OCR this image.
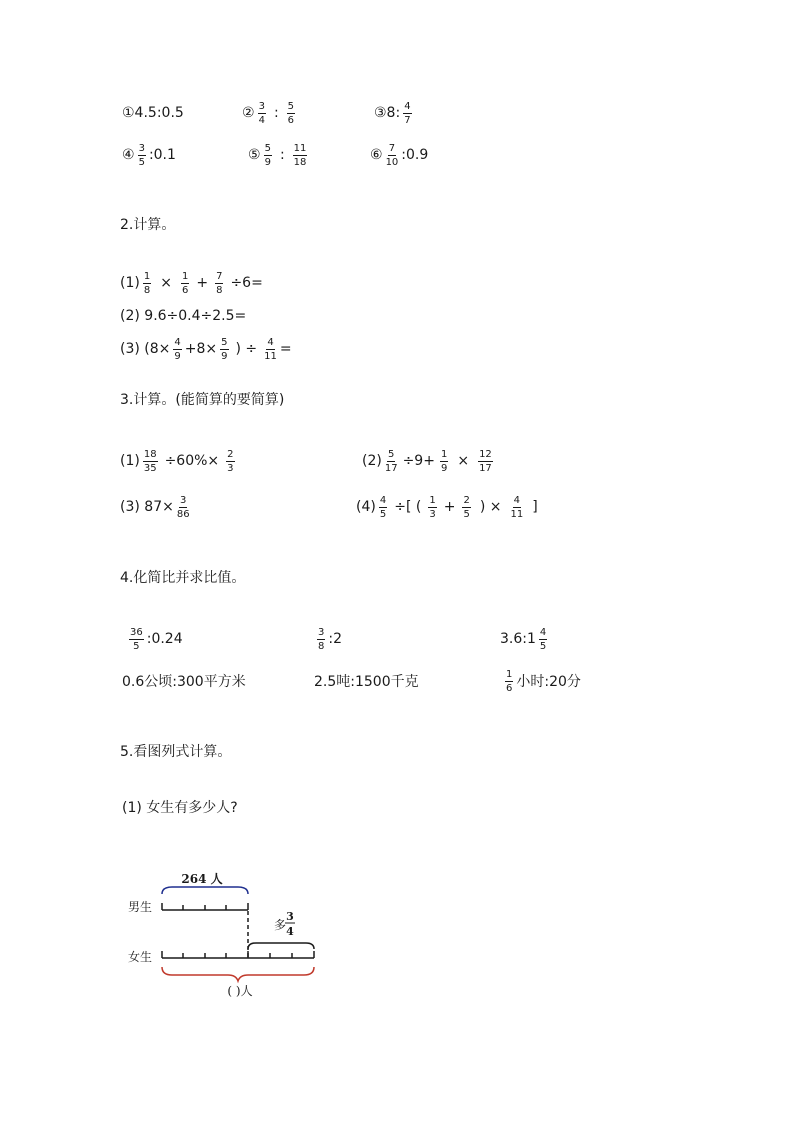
①4.5:0.5	② $\frac{3}{4}$ : $\frac{5}{6}$	③8: $\frac{4}{7}$
④ $\frac{3}{5}$ :0.1	⑤ $\frac{5}{9}$ : $\frac{11}{18}$	⑥ $\frac{7}{10}$ :0.9
2.计算。
$(1) \frac{1}{8} \times \frac{1}{6} + \frac{7}{8} \div 6=$
(2) 9.6÷0.4÷2.5=
(3) ($8\times \frac{4}{9} +8\times \frac{5}{9}$ ) ÷ $\frac{4}{11}$ =
3.计算。(能简算的要简算)
$(1) \frac{18}{35} \div 60\%\times \frac{2}{3}$	$(2) \frac{5}{17} \div 9+ \frac{1}{9} \times \frac{12}{17}$
(3) $87\times \frac{3}{86}$	$(4) \frac{4}{5}$ ÷[ ( $\frac{1}{3} + \frac{2}{5}$ ) × $\frac{4}{11}$ ]
4.化简比并求比值。
$\frac{36}{5}$ :0.24	$\frac{3}{8}$ :2	3.6:1 $\frac{4}{5}$
0.6公顷:300平方米	2.5吨:1500千克	$\frac{1}{6}$ 小时:20分
5.看图列式计算。
(1) 女生有多少人?
264 人
男生
多
3
4
女生
( )人
